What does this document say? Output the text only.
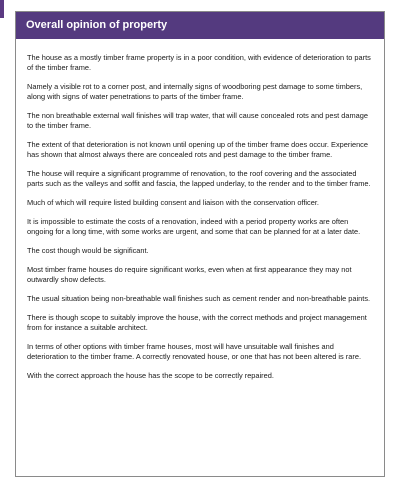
Overall opinion of property

The house as a mostly timber frame property is in a poor condition, with evidence of deterioration to parts of the timber frame.

Namely a visible rot to a corner post, and internally signs of woodboring pest damage to some timbers, along with signs of water penetrations to parts of the timber frame.

The non breathable external wall finishes will trap water, that will cause concealed rots and pest damage to the timber frame.

The extent of that deterioration is not known until opening up of the timber frame does occur. Experience has shown that almost always there are concealed rots and pest damage to the timber frame.

The house will require a significant programme of renovation, to the roof covering and the associated parts such as the valleys and soffit and fascia, the lapped underlay, to the render and to the timber frame.

Much of which will require listed building consent and liaison with the conservation officer.

It is impossible to estimate the costs of a renovation, indeed with a period property works are often ongoing for a long time, with some works are urgent, and some that can be planned for at a later date.

The cost though would be significant.

Most timber frame houses do require significant works, even when at first appearance they may not outwardly show defects.

The usual situation being non-breathable wall finishes such as cement render and non-breathable paints.

There is though scope to suitably improve the house, with the correct methods and project management from for instance a suitable architect.

In terms of other options with timber frame houses, most will have unsuitable wall finishes and deterioration to the timber frame. A correctly renovated house, or one that has not been altered is rare.

With the correct approach the house has the scope to be correctly repaired.
